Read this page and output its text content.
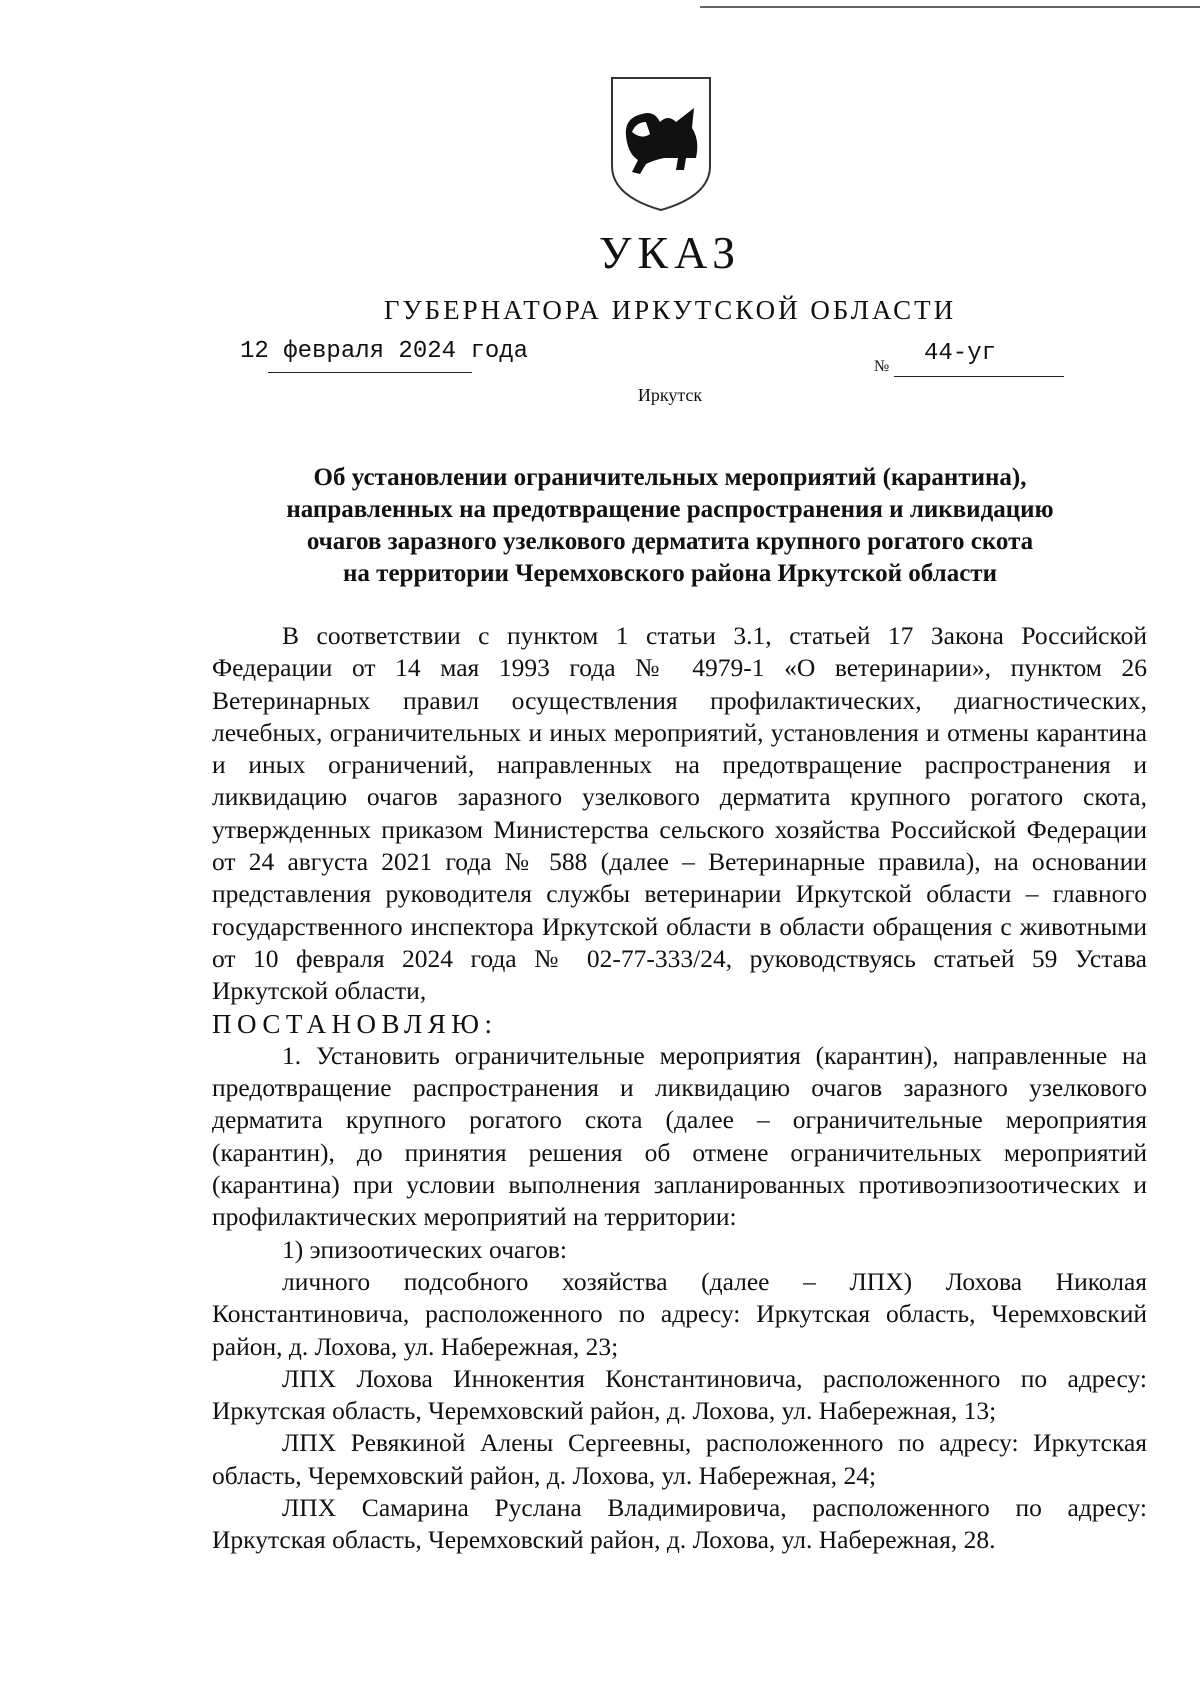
УКАЗ
ГУБЕРНАТОРА ИРКУТСКОЙ ОБЛАСТИ
12 февраля 2024 года
№ 44-уг
Иркутск
Об установлении ограничительных мероприятий (карантина),
направленных на предотвращение распространения и ликвидацию
очагов заразного узелкового дерматита крупного рогатого скота
на территории Черемховского района Иркутской области

В соответствии с пунктом 1 статьи 3.1, статьей 17 Закона Российской Федерации от 14 мая 1993 года № 4979-1 «О ветеринарии», пунктом 26 Ветеринарных правил осуществления профилактических, диагностических, лечебных, ограничительных и иных мероприятий, установления и отмены карантина и иных ограничений, направленных на предотвращение распространения и ликвидацию очагов заразного узелкового дерматита крупного рогатого скота, утвержденных приказом Министерства сельского хозяйства Российской Федерации от 24 августа 2021 года № 588 (далее – Ветеринарные правила), на основании представления руководителя службы ветеринарии Иркутской области – главного государственного инспектора Иркутской области в области обращения с животными от 10 февраля 2024 года № 02-77-333/24, руководствуясь статьей 59 Устава Иркутской области,

ПОСТАНОВЛЯЮ:

1. Установить ограничительные мероприятия (карантин), направленные на предотвращение распространения и ликвидацию очагов заразного узелкового дерматита крупного рогатого скота (далее – ограничительные мероприятия (карантин), до принятия решения об отмене ограничительных мероприятий (карантина) при условии выполнения запланированных противоэпизоотических и профилактических мероприятий на территории:

1) эпизоотических очагов:

личного подсобного хозяйства (далее – ЛПХ) Лохова Николая Константиновича, расположенного по адресу: Иркутская область, Черемховский район, д. Лохова, ул. Набережная, 23;

ЛПХ Лохова Иннокентия Константиновича, расположенного по адресу: Иркутская область, Черемховский район, д. Лохова, ул. Набережная, 13;

ЛПХ Ревякиной Алены Сергеевны, расположенного по адресу: Иркутская область, Черемховский район, д. Лохова, ул. Набережная, 24;

ЛПХ Самарина Руслана Владимировича, расположенного по адресу: Иркутская область, Черемховский район, д. Лохова, ул. Набережная, 28.
